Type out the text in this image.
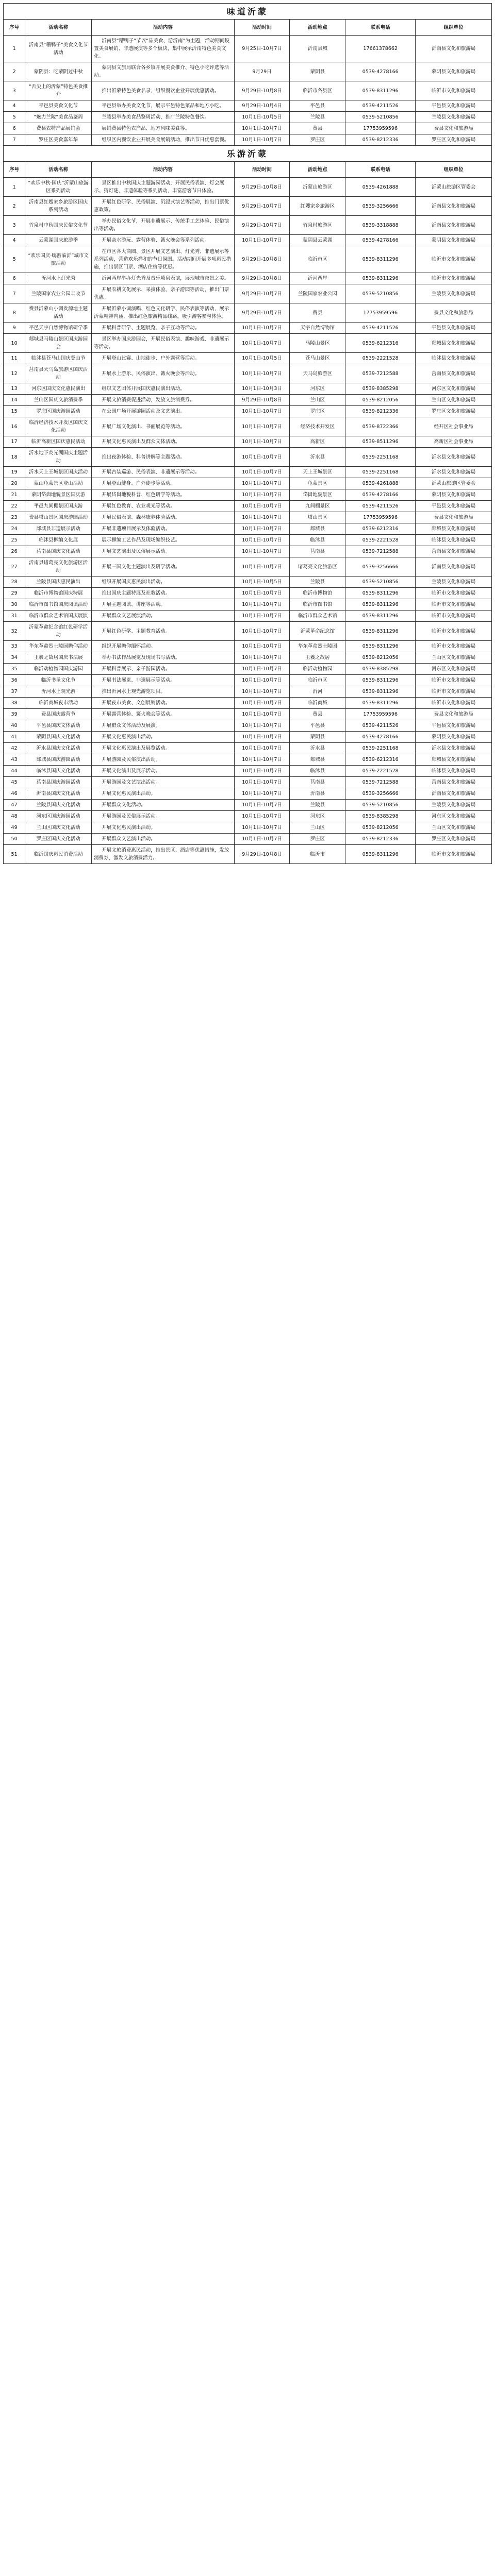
味道沂蒙						
序号	活动名称	活动内容	活动时间	活动地点	联系电话	组织单位
1	沂南县“糟鸭子”美食文化节活动	沂南县“糟鸭子”节以“品美食、游沂南”为主题，活动期间设置美食展销、非遗展演等多个板块，集中展示沂南特色美食文化。	9月25日-10月7日	沂南县城	17661378662	沂南县文化和旅游局
2	蒙阴县：吃蒙阴过中秋	蒙阴县文旅局联合各乡镇开展美食推介、特色小吃评选等活动。	9月29日	蒙阴县	0539-4278166	蒙阴县文化和旅游局
3	“舌尖上的沂蒙”特色美食推介	推出沂蒙特色美食名录，组织餐饮企业开展优惠活动。	9月29日-10月8日	临沂市各县区	0539-8311296	临沂市文化和旅游局
4	平邑县美食文化节	平邑县举办美食文化节，展示平邑特色菜品和地方小吃。	9月29日-10月4日	平邑县	0539-4211526	平邑县文化和旅游局
5	“魅力兰陵”美食品鉴周	兰陵县举办美食品鉴周活动，推广兰陵特色餐饮。	10月1日-10月5日	兰陵县	0539-5210856	兰陵县文化和旅游局
6	费县农特产品展销会	展销费县特色农产品、地方风味美食等。	10月1日-10月7日	费县	17753959596	费县文化和旅游局
7	罗庄区美食嘉年华	组织区内餐饮企业开展美食展销活动，推出节日优惠套餐。	10月1日-10月7日	罗庄区	0539-8212336	罗庄区文化和旅游局
乐游沂蒙						
序号	活动名称	活动内容	活动时间	活动地点	联系电话	组织单位
1	“欢乐中秋·国庆”沂蒙山旅游区系列活动	景区推出中秋国庆主题游园活动，开展民俗表演、灯会展示、猜灯谜、非遗体验等系列活动，丰富游客节日体验。	9月29日-10月8日	沂蒙山旅游区	0539-4261888	沂蒙山旅游区管委会
2	沂南县红嫂家乡旅游区国庆系列活动	开展红色研学、民俗展演、沉浸式演艺等活动，推出门票优惠政策。	9月29日-10月7日	红嫂家乡旅游区	0539-3256666	沂南县文化和旅游局
3	竹泉村中秋国庆民俗文化节	举办民俗文化节，开展非遗展示、传统手工艺体验、民俗演出等活动。	9月29日-10月7日	竹泉村旅游区	0539-3318888	沂南县文化和旅游局
4	云蒙湖国庆旅游季	开展亲水游玩、露营体验、篝火晚会等系列活动。	10月1日-10月7日	蒙阴县云蒙湖	0539-4278166	蒙阴县文化和旅游局
5	“欢乐国庆·嗨游临沂”城市文旅活动	在市区各大商圈、景区开展文艺演出、灯光秀、非遗展示等系列活动，营造欢乐祥和的节日氛围。活动期间开展多项惠民措施，推出景区门票、酒店住宿等优惠。	9月29日-10月8日	临沂市区	0539-8311296	临沂市文化和旅游局
6	沂河水上灯光秀	沂河两岸举办灯光秀及音乐喷泉表演，展现城市夜景之美。	9月29日-10月8日	沂河两岸	0539-8311296	临沂市文化和旅游局
7	兰陵国家农业公园丰收节	开展农耕文化展示、采摘体验、亲子游园等活动，推出门票优惠。	9月29日-10月7日	兰陵国家农业公园	0539-5210856	兰陵县文化和旅游局
8	费县沂蒙山小调发源地主题活动	开展沂蒙小调演唱、红色文化研学、民俗表演等活动，展示沂蒙精神内涵，推出红色旅游精品线路，吸引游客参与体验。	9月29日-10月7日	费县	17753959596	费县文化和旅游局
9	平邑天宇自然博物馆研学季	开展科普研学、主题展览、亲子互动等活动。	10月1日-10月7日	天宇自然博物馆	0539-4211526	平邑县文化和旅游局
10	郯城县马陵山景区国庆游园会	景区举办国庆游园会，开展民俗表演、趣味游戏、非遗展示等活动。	10月1日-10月7日	马陵山景区	0539-6212316	郯城县文化和旅游局
11	临沭县苍马山国庆登山节	开展登山比赛、山地徒步、户外露营等活动。	10月1日-10月5日	苍马山景区	0539-2221528	临沭县文化和旅游局
12	莒南县天马岛旅游区国庆活动	开展水上游乐、民俗演出、篝火晚会等活动。	10月1日-10月7日	天马岛旅游区	0539-7212588	莒南县文化和旅游局
13	河东区国庆文化惠民演出	组织文艺团体开展国庆惠民演出活动。	10月1日-10月3日	河东区	0539-8385298	河东区文化和旅游局
14	兰山区国庆文旅消费季	开展文旅消费促进活动，发放文旅消费券。	9月29日-10月8日	兰山区	0539-8212056	兰山区文化和旅游局
15	罗庄区国庆游园活动	在公园广场开展游园活动及文艺演出。	10月1日-10月7日	罗庄区	0539-8212336	罗庄区文化和旅游局
16	临沂经济技术开发区国庆文化活动	开展广场文化演出、书画展览等活动。	10月1日-10月7日	经济技术开发区	0539-8722366	经开区社会事业局
17	临沂高新区国庆惠民活动	开展文化惠民演出及群众文体活动。	10月1日-10月7日	高新区	0539-8511296	高新区社会事业局
18	沂水地下荧光湖国庆主题活动	推出夜游体验、科普讲解等主题活动。	10月1日-10月7日	沂水县	0539-2251168	沂水县文化和旅游局
19	沂水天上王城景区国庆活动	开展古装巡游、民俗表演、非遗展示等活动。	10月1日-10月7日	天上王城景区	0539-2251168	沂水县文化和旅游局
20	蒙山龟蒙景区登山活动	开展登山健身、户外徒步等活动。	10月1日-10月7日	龟蒙景区	0539-4261888	沂蒙山旅游区管委会
21	蒙阴岱崮地貌景区国庆游	开展岱崮地貌科普、红色研学等活动。	10月1日-10月7日	岱崮地貌景区	0539-4278166	蒙阴县文化和旅游局
22	平邑九间棚景区国庆游	开展红色教育、农业观光等活动。	10月1日-10月7日	九间棚景区	0539-4211526	平邑县文化和旅游局
23	费县塔山景区国庆游园活动	开展民俗表演、森林康养体验活动。	10月1日-10月7日	塔山景区	17753959596	费县文化和旅游局
24	郯城县非遗展示活动	开展非遗项目展示及体验活动。	10月1日-10月7日	郯城县	0539-6212316	郯城县文化和旅游局
25	临沭县柳编文化展	展示柳编工艺作品及现场编织技艺。	10月1日-10月7日	临沭县	0539-2221528	临沭县文化和旅游局
26	莒南县国庆文化活动	开展文艺演出及民俗展示活动。	10月1日-10月7日	莒南县	0539-7212588	莒南县文化和旅游局
27	沂南县诸葛亮文化旅游区活动	开展三国文化主题演出及研学活动。	10月1日-10月7日	诸葛亮文化旅游区	0539-3256666	沂南县文化和旅游局
28	兰陵县国庆惠民演出	组织开展国庆惠民演出活动。	10月1日-10月5日	兰陵县	0539-5210856	兰陵县文化和旅游局
29	临沂市博物馆国庆特展	推出国庆主题特展及社教活动。	10月1日-10月7日	临沂市博物馆	0539-8311296	临沂市文化和旅游局
30	临沂市图书馆国庆阅读活动	开展主题阅读、讲座等活动。	10月1日-10月7日	临沂市图书馆	0539-8311296	临沂市文化和旅游局
31	临沂市群众艺术馆国庆展演	开展群众文艺展演活动。	10月1日-10月7日	临沂市群众艺术馆	0539-8311296	临沂市文化和旅游局
32	沂蒙革命纪念馆红色研学活动	开展红色研学、主题教育活动。	10月1日-10月7日	沂蒙革命纪念馆	0539-8311296	临沂市文化和旅游局
33	华东革命烈士陵园瞻仰活动	组织开展瞻仰缅怀活动。	10月1日-10月7日	华东革命烈士陵园	0539-8311296	临沂市文化和旅游局
34	王羲之故居国庆书法展	举办书法作品展览及现场书写活动。	10月1日-10月7日	王羲之故居	0539-8212056	兰山区文化和旅游局
35	临沂动植物园国庆游园	开展科普展示、亲子游园活动。	10月1日-10月7日	临沂动植物园	0539-8385298	河东区文化和旅游局
36	临沂书圣文化节	开展书法展览、非遗展示等活动。	10月1日-10月7日	临沂市区	0539-8311296	临沂市文化和旅游局
37	沂河水上观光游	推出沂河水上观光游览项目。	10月1日-10月7日	沂河	0539-8311296	临沂市文化和旅游局
38	临沂商城夜市活动	开展夜市美食、文创展销活动。	10月1日-10月7日	临沂商城	0539-8311296	临沂市文化和旅游局
39	费县国庆露营节	开展露营体验、篝火晚会等活动。	10月1日-10月7日	费县	17753959596	费县文化和旅游局
40	平邑县国庆文体活动	开展群众文体活动及展演。	10月1日-10月7日	平邑县	0539-4211526	平邑县文化和旅游局
41	蒙阴县国庆文化活动	开展文化惠民演出活动。	10月1日-10月7日	蒙阴县	0539-4278166	蒙阴县文化和旅游局
42	沂水县国庆文化活动	开展文化惠民演出及展览活动。	10月1日-10月7日	沂水县	0539-2251168	沂水县文化和旅游局
43	郯城县国庆游园活动	开展游园及民俗演出活动。	10月1日-10月7日	郯城县	0539-6212316	郯城县文化和旅游局
44	临沭县国庆文化活动	开展文化演出及展示活动。	10月1日-10月7日	临沭县	0539-2221528	临沭县文化和旅游局
45	莒南县国庆游园活动	开展游园及文艺演出活动。	10月1日-10月7日	莒南县	0539-7212588	莒南县文化和旅游局
46	沂南县国庆文化活动	开展文化惠民演出活动。	10月1日-10月7日	沂南县	0539-3256666	沂南县文化和旅游局
47	兰陵县国庆文化活动	开展群众文化活动。	10月1日-10月7日	兰陵县	0539-5210856	兰陵县文化和旅游局
48	河东区国庆游园活动	开展游园及民俗展示活动。	10月1日-10月7日	河东区	0539-8385298	河东区文化和旅游局
49	兰山区国庆文化活动	开展文化惠民演出活动。	10月1日-10月7日	兰山区	0539-8212056	兰山区文化和旅游局
50	罗庄区国庆文化活动	开展群众文艺演出活动。	10月1日-10月7日	罗庄区	0539-8212336	罗庄区文化和旅游局
51	临沂国庆惠民消费活动	开展文旅消费惠民活动，推出景区、酒店等优惠措施，发放消费券，激发文旅消费活力。	9月29日-10月8日	临沂市	0539-8311296	临沂市文化和旅游局
